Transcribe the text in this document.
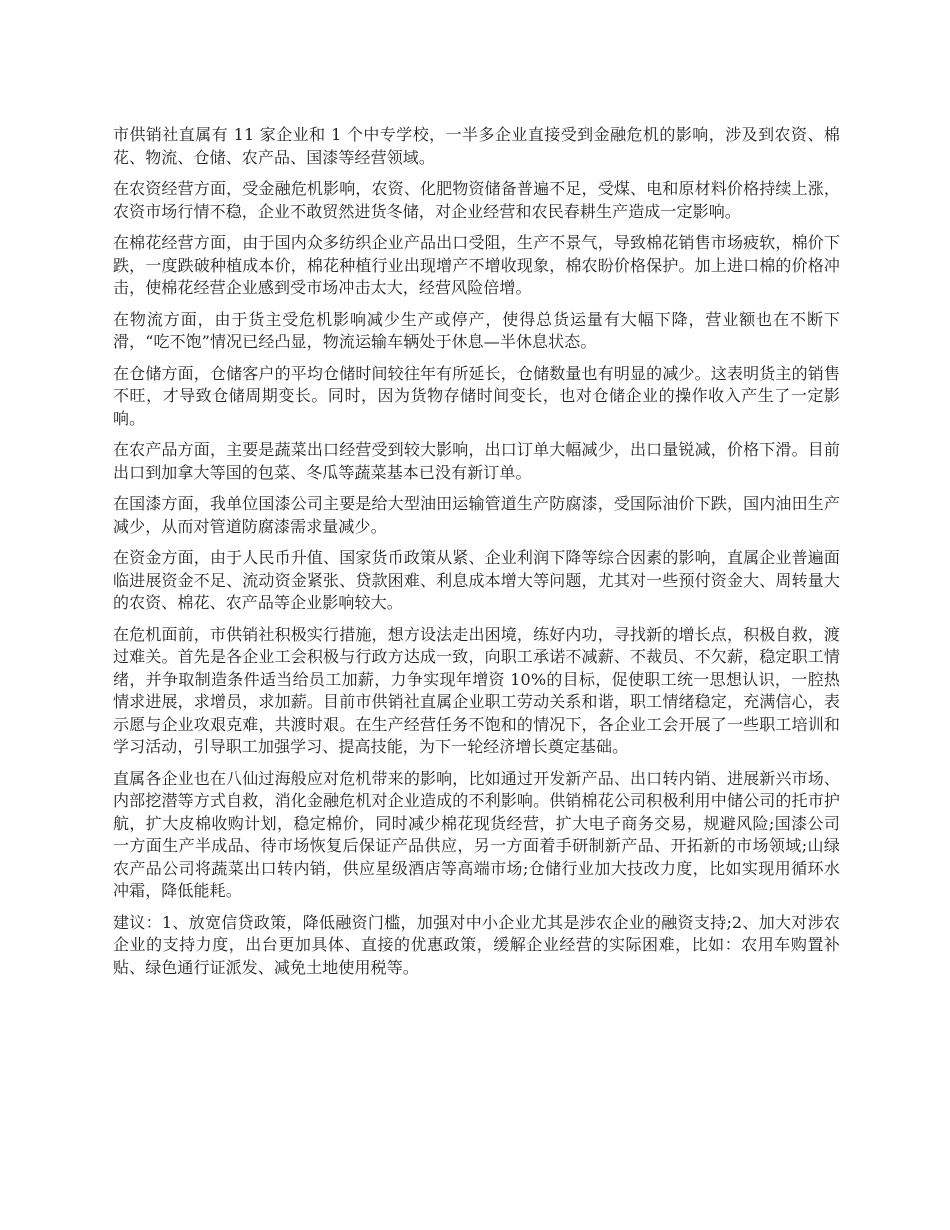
市供销社直属有 11 家企业和 1 个中专学校，一半多企业直接受到金融危机的影响，涉及到农资、棉花、物流、仓储、农产品、国漆等经营领域。

在农资经营方面，受金融危机影响，农资、化肥物资储备普遍不足，受煤、电和原材料价格持续上涨，农资市场行情不稳，企业不敢贸然进货冬储，对企业经营和农民春耕生产造成一定影响。

在棉花经营方面，由于国内众多纺织企业产品出口受阻，生产不景气，导致棉花销售市场疲软，棉价下跌，一度跌破种植成本价，棉花种植行业出现增产不增收现象，棉农盼价格保护。加上进口棉的价格冲击，使棉花经营企业感到受市场冲击太大，经营风险倍增。

在物流方面，由于货主受危机影响减少生产或停产，使得总货运量有大幅下降，营业额也在不断下滑，“吃不饱”情况已经凸显，物流运输车辆处于休息—半休息状态。

在仓储方面，仓储客户的平均仓储时间较往年有所延长，仓储数量也有明显的减少。这表明货主的销售不旺，才导致仓储周期变长。同时，因为货物存储时间变长，也对仓储企业的操作收入产生了一定影响。

在农产品方面，主要是蔬菜出口经营受到较大影响，出口订单大幅减少，出口量锐减，价格下滑。目前出口到加拿大等国的包菜、冬瓜等蔬菜基本已没有新订单。

在国漆方面，我单位国漆公司主要是给大型油田运输管道生产防腐漆，受国际油价下跌，国内油田生产减少，从而对管道防腐漆需求量减少。

在资金方面，由于人民币升值、国家货币政策从紧、企业利润下降等综合因素的影响，直属企业普遍面临进展资金不足、流动资金紧张、贷款困难、利息成本增大等问题，尤其对一些预付资金大、周转量大的农资、棉花、农产品等企业影响较大。

在危机面前，市供销社积极实行措施，想方设法走出困境，练好内功，寻找新的增长点，积极自救，渡过难关。首先是各企业工会积极与行政方达成一致，向职工承诺不减薪、不裁员、不欠薪，稳定职工情绪，并争取制造条件适当给员工加薪，力争实现年增资 10%的目标，促使职工统一思想认识，一腔热情求进展，求增员，求加薪。目前市供销社直属企业职工劳动关系和谐，职工情绪稳定，充满信心，表示愿与企业攻艰克难，共渡时艰。在生产经营任务不饱和的情况下，各企业工会开展了一些职工培训和学习活动，引导职工加强学习、提高技能，为下一轮经济增长奠定基础。

直属各企业也在八仙过海般应对危机带来的影响，比如通过开发新产品、出口转内销、进展新兴市场、内部挖潜等方式自救，消化金融危机对企业造成的不利影响。供销棉花公司积极利用中储公司的托市护航，扩大皮棉收购计划，稳定棉价，同时减少棉花现货经营，扩大电子商务交易，规避风险;国漆公司一方面生产半成品、待市场恢复后保证产品供应，另一方面着手研制新产品、开拓新的市场领域;山绿农产品公司将蔬菜出口转内销，供应星级酒店等高端市场;仓储行业加大技改力度，比如实现用循环水冲霜，降低能耗。

建议：1、放宽信贷政策，降低融资门槛，加强对中小企业尤其是涉农企业的融资支持;2、加大对涉农企业的支持力度，出台更加具体、直接的优惠政策，缓解企业经营的实际困难，比如：农用车购置补贴、绿色通行证派发、减免土地使用税等。
